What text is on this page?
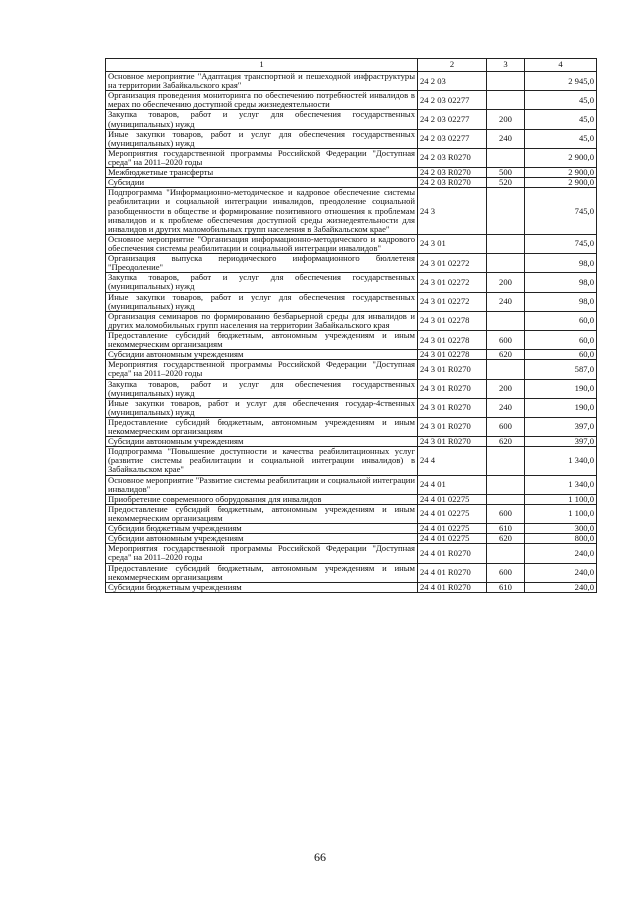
1	2	3	4
Основное мероприятие "Адаптация транспортной и пешеходной инфраструктуры на территории Забайкальского края"	24 2 03		2 945,0
Организация проведения мониторинга по обеспечению потребностей инвалидов в мерах по обеспечению доступной среды жизнедеятельности	24 2 03 02277		45,0
Закупка товаров, работ и услуг для обеспечения государственных (муниципальных) нужд	24 2 03 02277	200	45,0
Иные закупки товаров, работ и услуг для обеспечения государственных (муниципальных) нужд	24 2 03 02277	240	45,0
Мероприятия государственной программы Российской Федерации "Доступная среда" на 2011–2020 годы	24 2 03 R0270		2 900,0
Межбюджетные трансферты	24 2 03 R0270	500	2 900,0
Субсидии	24 2 03 R0270	520	2 900,0
Подпрограмма "Информационно-методическое и кадровое обеспечение системы реабилитации и социальной интеграции инвалидов, преодоление социальной разобщенности в обществе и формирование позитивного отношения к проблемам инвалидов и к проблеме обеспечения доступной среды жизнедеятельности для инвалидов и других маломобильных групп населения в Забайкальском крае"	24 3		745,0
Основное мероприятие "Организация информационно-методического и кадрового обеспечения системы реабилитации и социальной интеграции инвалидов"	24 3 01		745,0
Организация выпуска периодического информационного бюллетеня "Преодоление"	24 3 01 02272		98,0
Закупка товаров, работ и услуг для обеспечения государственных (муниципальных) нужд	24 3 01 02272	200	98,0
Иные закупки товаров, работ и услуг для обеспечения государственных (муниципальных) нужд	24 3 01 02272	240	98,0
Организация семинаров по формированию безбарьерной среды для инвалидов и других маломобильных групп населения на территории Забайкальского края	24 3 01 02278		60,0
Предоставление субсидий бюджетным, автономным учреждениям и иным некоммерческим организациям	24 3 01 02278	600	60,0
Субсидии автономным учреждениям	24 3 01 02278	620	60,0
Мероприятия государственной программы Российской Федерации "Доступная среда" на 2011–2020 годы	24 3 01 R0270		587,0
Закупка товаров, работ и услуг для обеспечения государственных (муниципальных) нужд	24 3 01 R0270	200	190,0
Иные закупки товаров, работ и услуг для обеспечения государ-4ственных (муниципальных) нужд	24 3 01 R0270	240	190,0
Предоставление субсидий бюджетным, автономным учреждениям и иным некоммерческим организациям	24 3 01 R0270	600	397,0
Субсидии автономным учреждениям	24 3 01 R0270	620	397,0
Подпрограмма "Повышение доступности и качества реабилитационных услуг (развитие системы реабилитации и социальной интеграции инвалидов) в Забайкальском крае"	24 4		1 340,0
Основное мероприятие "Развитие системы реабилитации и социальной интеграции инвалидов"	24 4 01		1 340,0
Приобретение современного оборудования для инвалидов	24 4 01 02275		1 100,0
Предоставление субсидий бюджетным, автономным учреждениям и иным некоммерческим организациям	24 4 01 02275	600	1 100,0
Субсидии бюджетным учреждениям	24 4 01 02275	610	300,0
Субсидии автономным учреждениям	24 4 01 02275	620	800,0
Мероприятия государственной программы Российской Федерации "Доступная среда" на 2011–2020 годы	24 4 01 R0270		240,0
Предоставление субсидий бюджетным, автономным учреждениям и иным некоммерческим организациям	24 4 01 R0270	600	240,0
Субсидии бюджетным учреждениям	24 4 01 R0270	610	240,0
66
